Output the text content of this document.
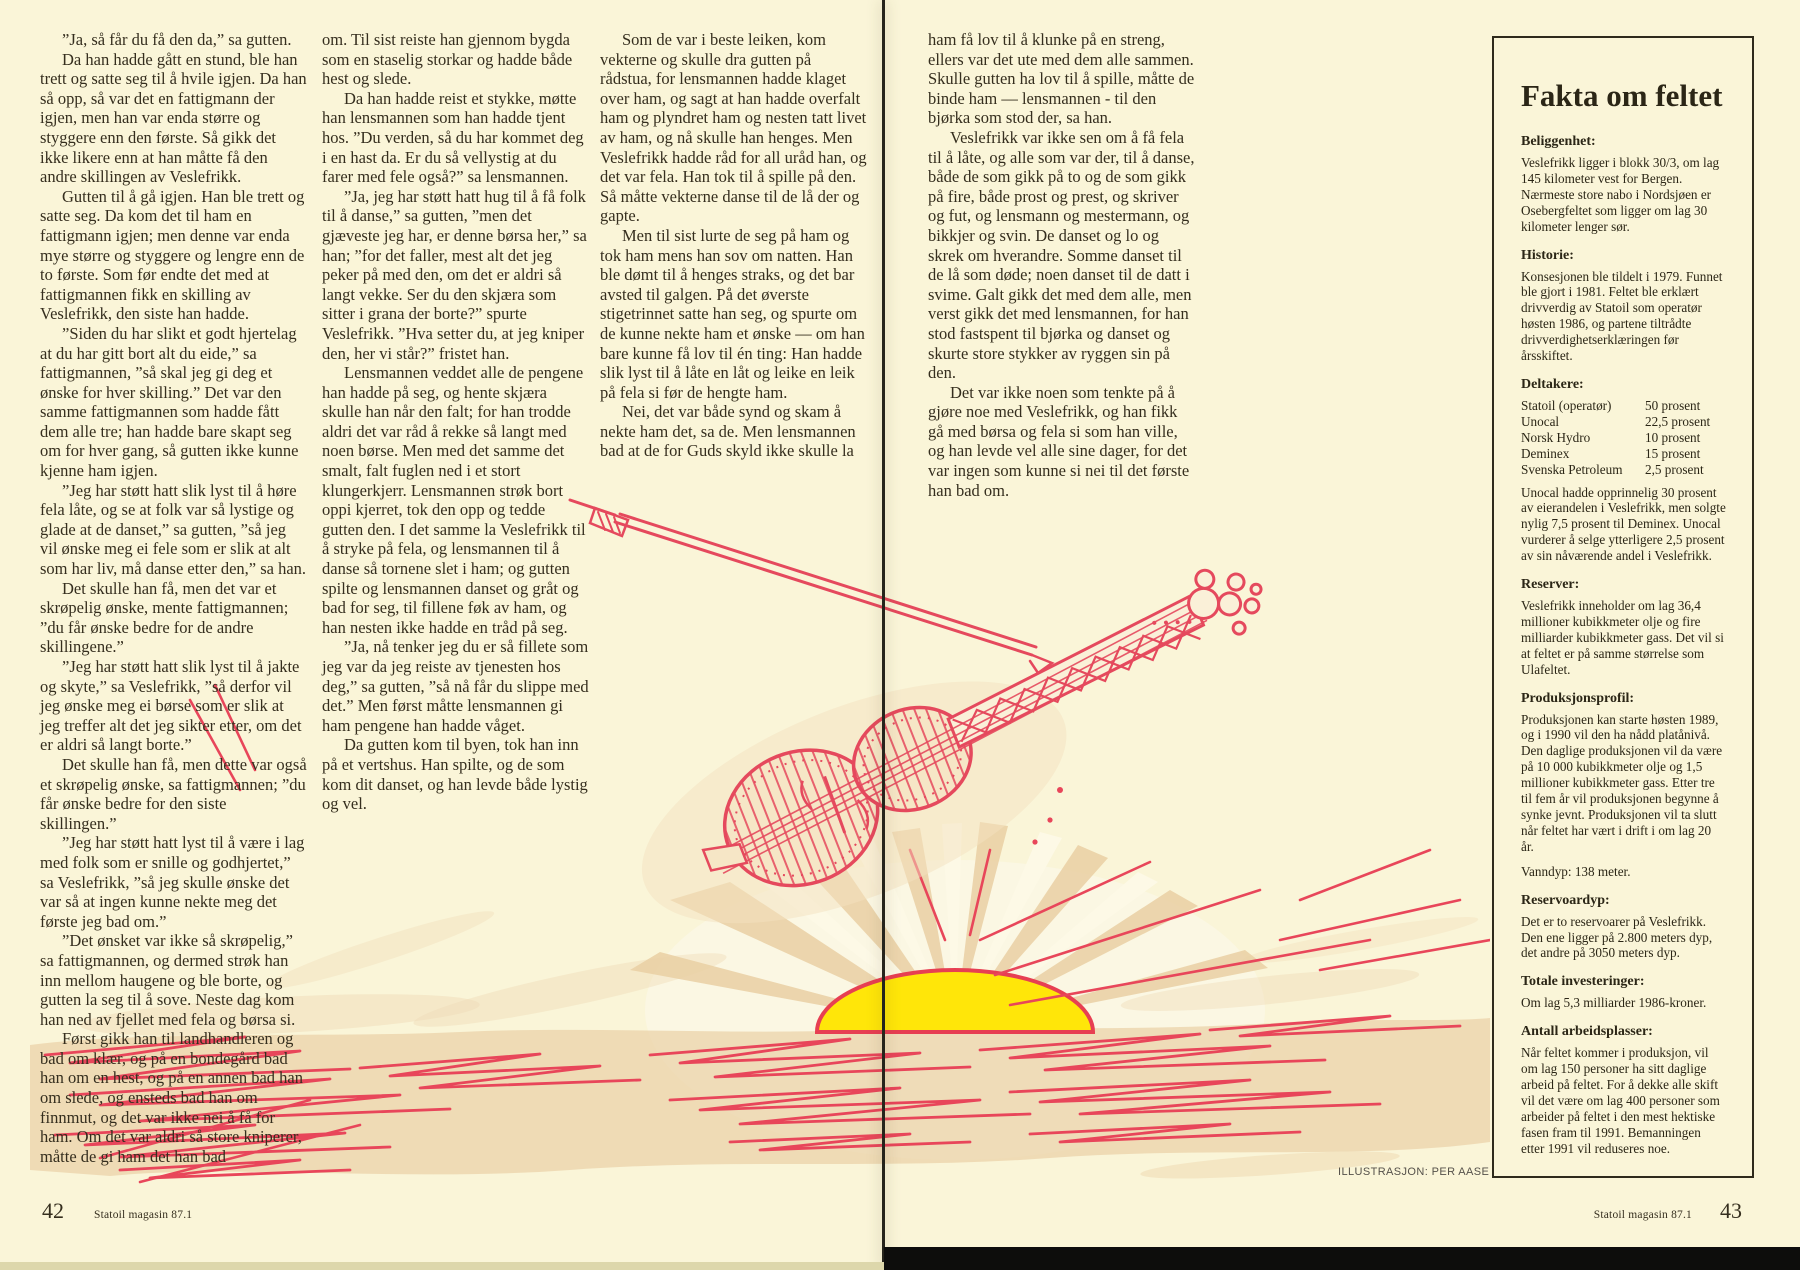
”Ja, så får du få den da,” sa gutten.

Da han hadde gått en stund, ble han trett og satte seg til å hvile igjen. Da han så opp, så var det en fattigmann der igjen, men han var enda større og styggere enn den første. Så gikk det ikke likere enn at han måtte få den andre skillingen av Veslefrikk.

Gutten til å gå igjen. Han ble trett og satte seg. Da kom det til ham en fattigmann igjen; men denne var enda mye større og styggere og lengre enn de to første. Som før endte det med at fattigmannen fikk en skilling av Veslefrikk, den siste han hadde.

”Siden du har slikt et godt hjertelag at du har gitt bort alt du eide,” sa fattigmannen, ”så skal jeg gi deg et ønske for hver skilling.” Det var den samme fattigmannen som hadde fått dem alle tre; han hadde bare skapt seg om for hver gang, så gutten ikke kunne kjenne ham igjen.

”Jeg har støtt hatt slik lyst til å høre fela låte, og se at folk var så lystige og glade at de danset,” sa gutten, ”så jeg vil ønske meg ei fele som er slik at alt som har liv, må danse etter den,” sa han.

Det skulle han få, men det var et skrøpelig ønske, mente fattigmannen; ”du får ønske bedre for de andre skillingene.”

”Jeg har støtt hatt slik lyst til å jakte og skyte,” sa Veslefrikk, ”så derfor vil jeg ønske meg ei børse som er slik at jeg treffer alt det jeg sikter etter, om det er aldri så langt borte.”

Det skulle han få, men dette var også et skrøpelig ønske, sa fattigmannen; ”du får ønske bedre for den siste skillingen.”

”Jeg har støtt hatt lyst til å være i lag med folk som er snille og godhjertet,” sa Veslefrikk, ”så jeg skulle ønske det var så at ingen kunne nekte meg det første jeg bad om.”

”Det ønsket var ikke så skrøpelig,” sa fattigmannen, og dermed strøk han inn mellom haugene og ble borte, og gutten la seg til å sove. Neste dag kom han ned av fjellet med fela og børsa si.

Først gikk han til landhandleren og bad om klær, og på en bondegård bad han om en hest, og på en annen bad han om slede, og ensteds bad han om finnmut, og det var ikke nei å få for ham. Om det var aldri så store kniperer, måtte de gi ham det han bad

om. Til sist reiste han gjennom bygda som en staselig storkar og hadde både hest og slede.

Da han hadde reist et stykke, møtte han lensmannen som han hadde tjent hos. ”Du verden, så du har kommet deg i en hast da. Er du så vellystig at du farer med fele også?” sa lensmannen.

”Ja, jeg har støtt hatt hug til å få folk til å danse,” sa gutten, ”men det gjæveste jeg har, er denne børsa her,” sa han; ”for det faller, mest alt det jeg peker på med den, om det er aldri så langt vekke. Ser du den skjæra som sitter i grana der borte?” spurte Veslefrikk. ”Hva setter du, at jeg kniper den, her vi står?” fristet han.

Lensmannen veddet alle de pengene han hadde på seg, og hente skjæra skulle han når den falt; for han trodde aldri det var råd å rekke så langt med noen børse. Men med det samme det smalt, falt fuglen ned i et stort klungerkjerr. Lensmannen strøk bort oppi kjerret, tok den opp og tedde gutten den. I det samme la Veslefrikk til å stryke på fela, og lensmannen til å danse så tornene slet i ham; og gutten spilte og lensmannen danset og gråt og bad for seg, til fillene føk av ham, og han nesten ikke hadde en tråd på seg.

”Ja, nå tenker jeg du er så fillete som jeg var da jeg reiste av tjenesten hos deg,” sa gutten, ”så nå får du slippe med det.” Men først måtte lensmannen gi ham pengene han hadde våget.

Da gutten kom til byen, tok han inn på et vertshus. Han spilte, og de som kom dit danset, og han levde både lystig og vel.

Som de var i beste leiken, kom vekterne og skulle dra gutten på rådstua, for lensmannen hadde klaget over ham, og sagt at han hadde overfalt ham og plyndret ham og nesten tatt livet av ham, og nå skulle han henges. Men Veslefrikk hadde råd for all uråd han, og det var fela. Han tok til å spille på den. Så måtte vekterne danse til de lå der og gapte.

Men til sist lurte de seg på ham og tok ham mens han sov om natten. Han ble dømt til å henges straks, og det bar avsted til galgen. På det øverste stigetrinnet satte han seg, og spurte om de kunne nekte ham et ønske — om han bare kunne få lov til én ting: Han hadde slik lyst til å låte en låt og leike en leik på fela si før de hengte ham.

Nei, det var både synd og skam å nekte ham det, sa de. Men lensmannen bad at de for Guds skyld ikke skulle la

ham få lov til å klunke på en streng, ellers var det ute med dem alle sammen. Skulle gutten ha lov til å spille, måtte de binde ham — lensmannen - til den bjørka som stod der, sa han.

Veslefrikk var ikke sen om å få fela til å låte, og alle som var der, til å danse, både de som gikk på to og de som gikk på fire, både prost og prest, og skriver og fut, og lensmann og mestermann, og bikkjer og svin. De danset og lo og skrek om hverandre. Somme danset til de lå som døde; noen danset til de datt i svime. Galt gikk det med dem alle, men verst gikk det med lensmannen, for han stod fastspent til bjørka og danset og skurte store stykker av ryggen sin på den.

Det var ikke noen som tenkte på å gjøre noe med Veslefrikk, og han fikk gå med børsa og fela si som han ville, og han levde vel alle sine dager, for det var ingen som kunne si nei til det første han bad om.

Fakta om feltet
Beliggenhet:

Veslefrikk ligger i blokk 30/3, om lag 145 kilometer vest for Bergen. Nærmeste store nabo i Nordsjøen er Osebergfeltet som ligger om lag 30 kilometer lenger sør.

Historie:

Konsesjonen ble tildelt i 1979. Funnet ble gjort i 1981. Feltet ble erklært drivverdig av Statoil som operatør høsten 1986, og partene tiltrådte drivverdighetserklæringen før årsskiftet.

Deltakere:
Statoil (operatør)	50 prosent
Unocal	22,5 prosent
Norsk Hydro	10 prosent
Deminex	15 prosent
Svenska Petroleum	2,5 prosent

Unocal hadde opprinnelig 30 prosent av eierandelen i Veslefrikk, men solgte nylig 7,5 prosent til Deminex. Unocal vurderer å selge ytterligere 2,5 prosent av sin nåværende andel i Veslefrikk.

Reserver:

Veslefrikk inneholder om lag 36,4 millioner kubikkmeter olje og fire milliarder kubikkmeter gass. Det vil si at feltet er på samme størrelse som Ulafeltet.

Produksjonsprofil:

Produksjonen kan starte høsten 1989, og i 1990 vil den ha nådd platånivå. Den daglige produksjonen vil da være på 10 000 kubikkmeter olje og 1,5 millioner kubikkmeter gass. Etter tre til fem år vil produksjonen begynne å synke jevnt. Produksjonen vil ta slutt når feltet har vært i drift i om lag 20 år.

Vanndyp: 138 meter.

Reservoardyp:

Det er to reservoarer på Veslefrikk. Den ene ligger på 2.800 meters dyp, det andre på 3050 meters dyp.

Totale investeringer:

Om lag 5,3 milliarder 1986-kroner.

Antall arbeidsplasser:

Når feltet kommer i produksjon, vil om lag 150 personer ha sitt daglige arbeid på feltet. For å dekke alle skift vil det være om lag 400 personer som arbeider på feltet i den mest hektiske fasen fram til 1991. Bemanningen etter 1991 vil reduseres noe.

ILLUSTRASJON: PER AASE
42	Statoil magasin 87.1	Statoil magasin 87.1 43
